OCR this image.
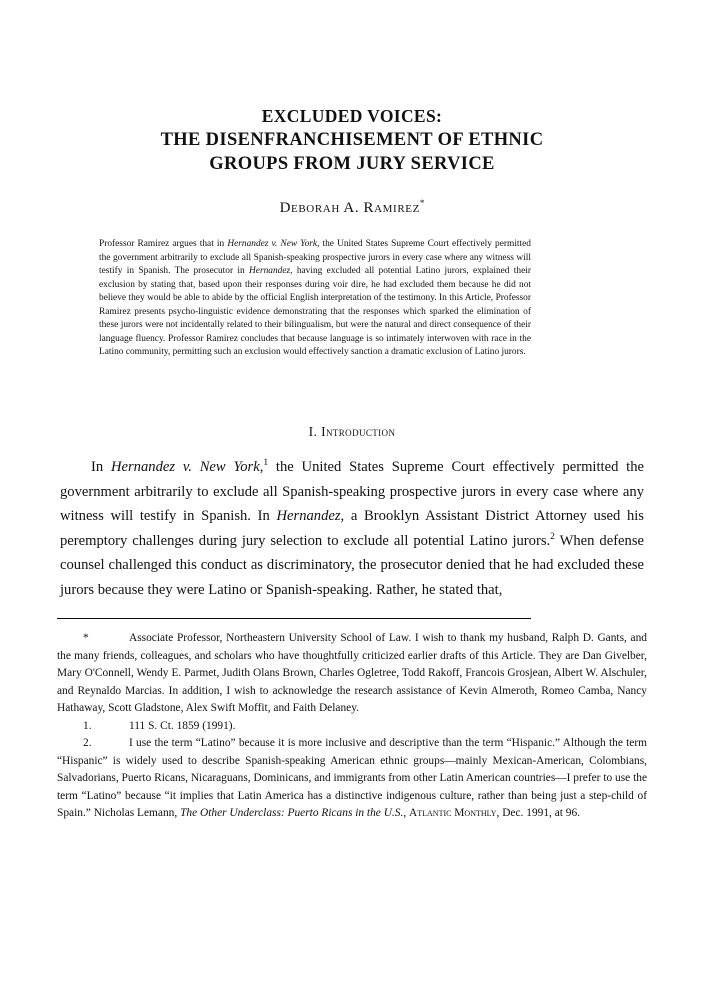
EXCLUDED VOICES:
THE DISENFRANCHISEMENT OF ETHNIC
GROUPS FROM JURY SERVICE
Deborah A. Ramirez*
Professor Ramirez argues that in Hernandez v. New York, the United States Supreme Court effectively permitted the government arbitrarily to exclude all Spanish-speaking prospective jurors in every case where any witness will testify in Spanish. The prosecutor in Hernandez, having excluded all potential Latino jurors, explained their exclusion by stating that, based upon their responses during voir dire, he had excluded them because he did not believe they would be able to abide by the official English interpretation of the testimony. In this Article, Professor Ramirez presents psycho-linguistic evidence demonstrating that the responses which sparked the elimination of these jurors were not incidentally related to their bilingualism, but were the natural and direct consequence of their language fluency. Professor Ramirez concludes that because language is so intimately interwoven with race in the Latino community, permitting such an exclusion would effectively sanction a dramatic exclusion of Latino jurors.
I. Introduction

In Hernandez v. New York,$^1$ the United States Supreme Court effectively permitted the government arbitrarily to exclude all Spanish-speaking prospective jurors in every case where any witness will testify in Spanish. In Hernandez, a Brooklyn Assistant District Attorney used his peremptory challenges during jury selection to exclude all potential Latino jurors.$^2$ When defense counsel challenged this conduct as discriminatory, the prosecutor denied that he had excluded these jurors because they were Latino or Spanish-speaking. Rather, he stated that,

*	Associate Professor, Northeastern University School of Law. I wish to thank my husband, Ralph D. Gants, and the many friends, colleagues, and scholars who have thoughtfully criticized earlier drafts of this Article. They are Dan Givelber, Mary O'Connell, Wendy E. Parmet, Judith Olans Brown, Charles Ogletree, Todd Rakoff, Francois Grosjean, Albert W. Alschuler, and Reynaldo Marcias. In addition, I wish to acknowledge the research assistance of Kevin Almeroth, Romeo Camba, Nancy Hathaway, Scott Gladstone, Alex Swift Moffit, and Faith Delaney.

1.	111 S. Ct. 1859 (1991).

2.	I use the term “Latino” because it is more inclusive and descriptive than the term “Hispanic.” Although the term “Hispanic” is widely used to describe Spanish-speaking American ethnic groups—mainly Mexican-American, Colombians, Salvadorians, Puerto Ricans, Nicaraguans, Dominicans, and immigrants from other Latin American countries—I prefer to use the term “Latino” because “it implies that Latin America has a distinctive indigenous culture, rather than being just a step-child of Spain.” Nicholas Lemann, The Other Underclass: Puerto Ricans in the U.S., Atlantic Monthly, Dec. 1991, at 96.
